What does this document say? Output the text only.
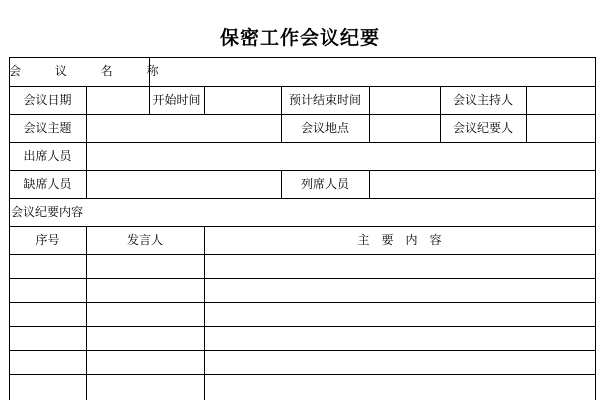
保密工作会议纪要
会 议 名 称
会议日期	开始时间	预计结束时间	会议主持人
会议主题	会议地点	会议纪要人
出席人员
缺席人员	列席人员
会议纪要内容
序号	发言人	主　要　内　容
